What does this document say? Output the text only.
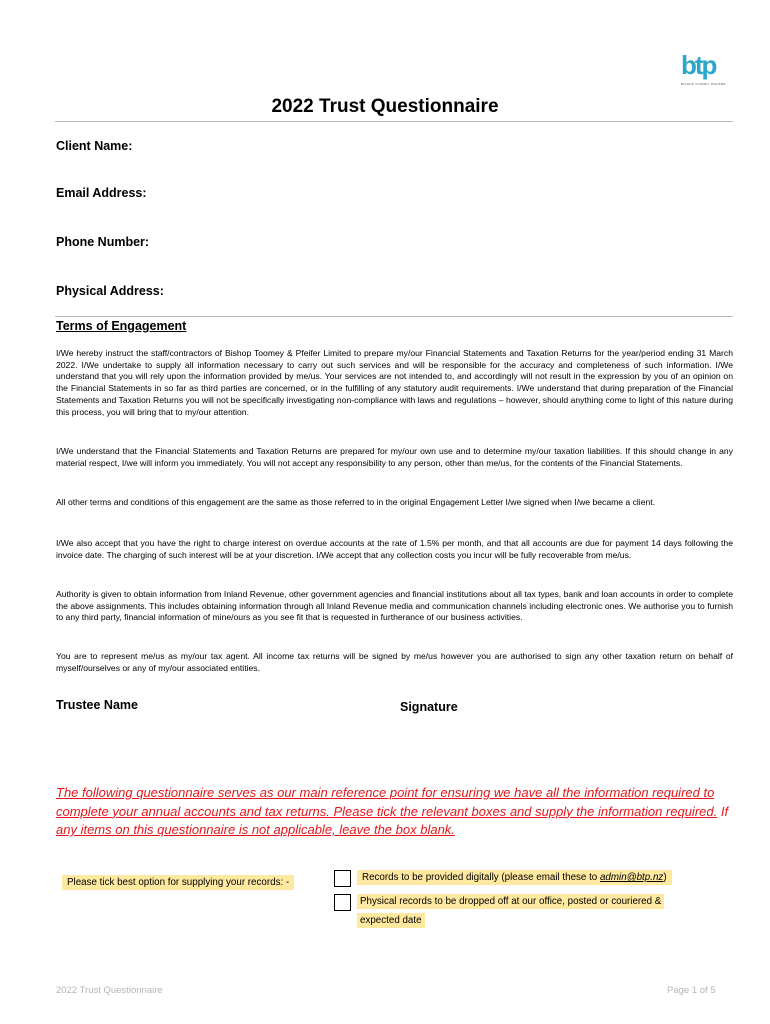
btp
BISHOP TOOMEY PFEIFER
2022 Trust Questionnaire
Client Name:
Email Address:
Phone Number:
Physical Address:
Terms of Engagement
I/We hereby instruct the staff/contractors of Bishop Toomey & Pfeifer Limited to prepare my/our Financial Statements and Taxation Returns for the year/period ending 31 March 2022. I/We undertake to supply all information necessary to carry out such services and will be responsible for the accuracy and completeness of such information. I/We understand that you will rely upon the information provided by me/us. Your services are not intended to, and accordingly will not result in the expression by you of an opinion on the Financial Statements in so far as third parties are concerned, or in the fulfilling of any statutory audit requirements. I/We understand that during preparation of the Financial Statements and Taxation Returns you will not be specifically investigating non-compliance with laws and regulations – however, should anything come to light of this nature during this process, you will bring that to my/our attention.
I/We understand that the Financial Statements and Taxation Returns are prepared for my/our own use and to determine my/our taxation liabilities. If this should change in any material respect, I/we will inform you immediately. You will not accept any responsibility to any person, other than me/us, for the contents of the Financial Statements.
All other terms and conditions of this engagement are the same as those referred to in the original Engagement Letter I/we signed when I/we became a client.
I/We also accept that you have the right to charge interest on overdue accounts at the rate of 1.5% per month, and that all accounts are due for payment 14 days following the invoice date. The charging of such interest will be at your discretion. I/We accept that any collection costs you incur will be fully recoverable from me/us.
Authority is given to obtain information from Inland Revenue, other government agencies and financial institutions about all tax types, bank and loan accounts in order to complete the above assignments. This includes obtaining information through all Inland Revenue media and communication channels including electronic ones. We authorise you to furnish to any third party, financial information of mine/ours as you see fit that is requested in furtherance of our business activities.
You are to represent me/us as my/our tax agent. All income tax returns will be signed by me/us however you are authorised to sign any other taxation return on behalf of myself/ourselves or any of my/our associated entities.
Trustee Name	Signature
The following questionnaire serves as our main reference point for ensuring we have all the information required to complete your annual accounts and tax returns. Please tick the relevant boxes and supply the information required. If any items on this questionnaire is not applicable, leave the box blank.
Please tick best option for supplying your records: -	Records to be provided digitally (please email these to admin@btp.nz)
Physical records to be dropped off at our office, posted or couriered &
expected date
2022 Trust Questionnaire	Page 1 of 5
